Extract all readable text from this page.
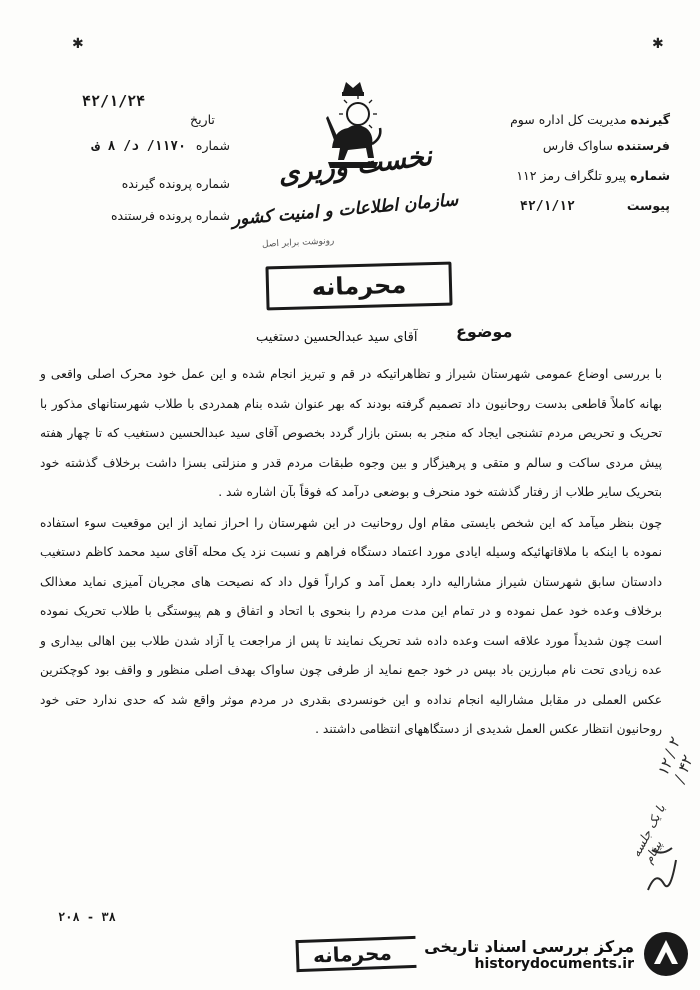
✱	✱
گیرنده مدیریت کل اداره سوم
فرستنده ساواک فارس
شماره پیرو تلگراف رمز ۱۱۲
پیوست ۴۲/۱/۱۲
۴۲/۱/۲۴
تاریخ
شماره ۱۱۷۰/ د/ ۸ ف
شماره پرونده گیرنده
شماره پرونده فرستنده
نخست وزیری
سازمان اطلاعات و امنیت کشور
رونوشت برابر اصل
محرمانه
موضوع
آقای سید عبدالحسین دستغیب

با بررسی اوضاع عمومی شهرستان شیراز و تظاهراتیکه در قم و تبریز انجام شده و این عمل خود محرک اصلی واقعی و بهانه کاملاً قاطعی بدست روحانیون داد تصمیم گرفته بودند که بهر عنوان شده بنام همدردی با طلاب شهرستانهای مذکور با تحریک و تحریص مردم تشنجی ایجاد که منجر به بستن بازار گردد بخصوص آقای سید عبدالحسین دستغیب که تا چهار هفته پیش مردی ساکت و سالم و متقی و پرهیزگار و بین وجوه طبقات مردم قدر و منزلتی بسزا داشت برخلاف گذشته خود بتحریک سایر طلاب از رفتار گذشته خود منحرف و بوضعی درآمد که فوقاً بآن اشاره شد .

چون بنظر میآمد که این شخص بایستی مقام اول روحانیت در این شهرستان را احراز نماید از این موقعیت سوء استفاده نموده با اینکه با ملاقاتهائیکه وسیله ایادی مورد اعتماد دستگاه فراهم و نسبت نزد یک محله آقای سید محمد کاظم دستغیب دادستان سابق شهرستان شیراز مشارالیه دارد بعمل آمد و کراراً قول داد که نصیحت های مجریان آمیزی نماید معذالک برخلاف وعده خود عمل نموده و در تمام این مدت مردم را بنحوی با اتحاد و اتفاق و هم پیوستگی با طلاب تحریک نموده است چون شدیداً مورد علاقه است وعده داده شد تحریک نمایند تا پس از مراجعت یا آزاد شدن طلاب بین اهالی بیداری و عده زیادی تحت نام مبارزین باد بپس در خود جمع نماید از طرفی چون ساواک بهدف اصلی منظور و واقف بود کوچکترین عکس العملی در مقابل مشارالیه انجام نداده و این خونسردی بقدری در مردم موثر واقع شد که حدی ندارد حتی خود روحانیون انتظار عکس العمل شدیدی از دستگاههای انتظامی داشتند .

۱۲ / ۲ / ۴۲
با یک جلسه پیغام
۲۰۸ - ۳۸
محرمانه	مرکز بررسی اسناد تاریخی
historydocuments.ir
